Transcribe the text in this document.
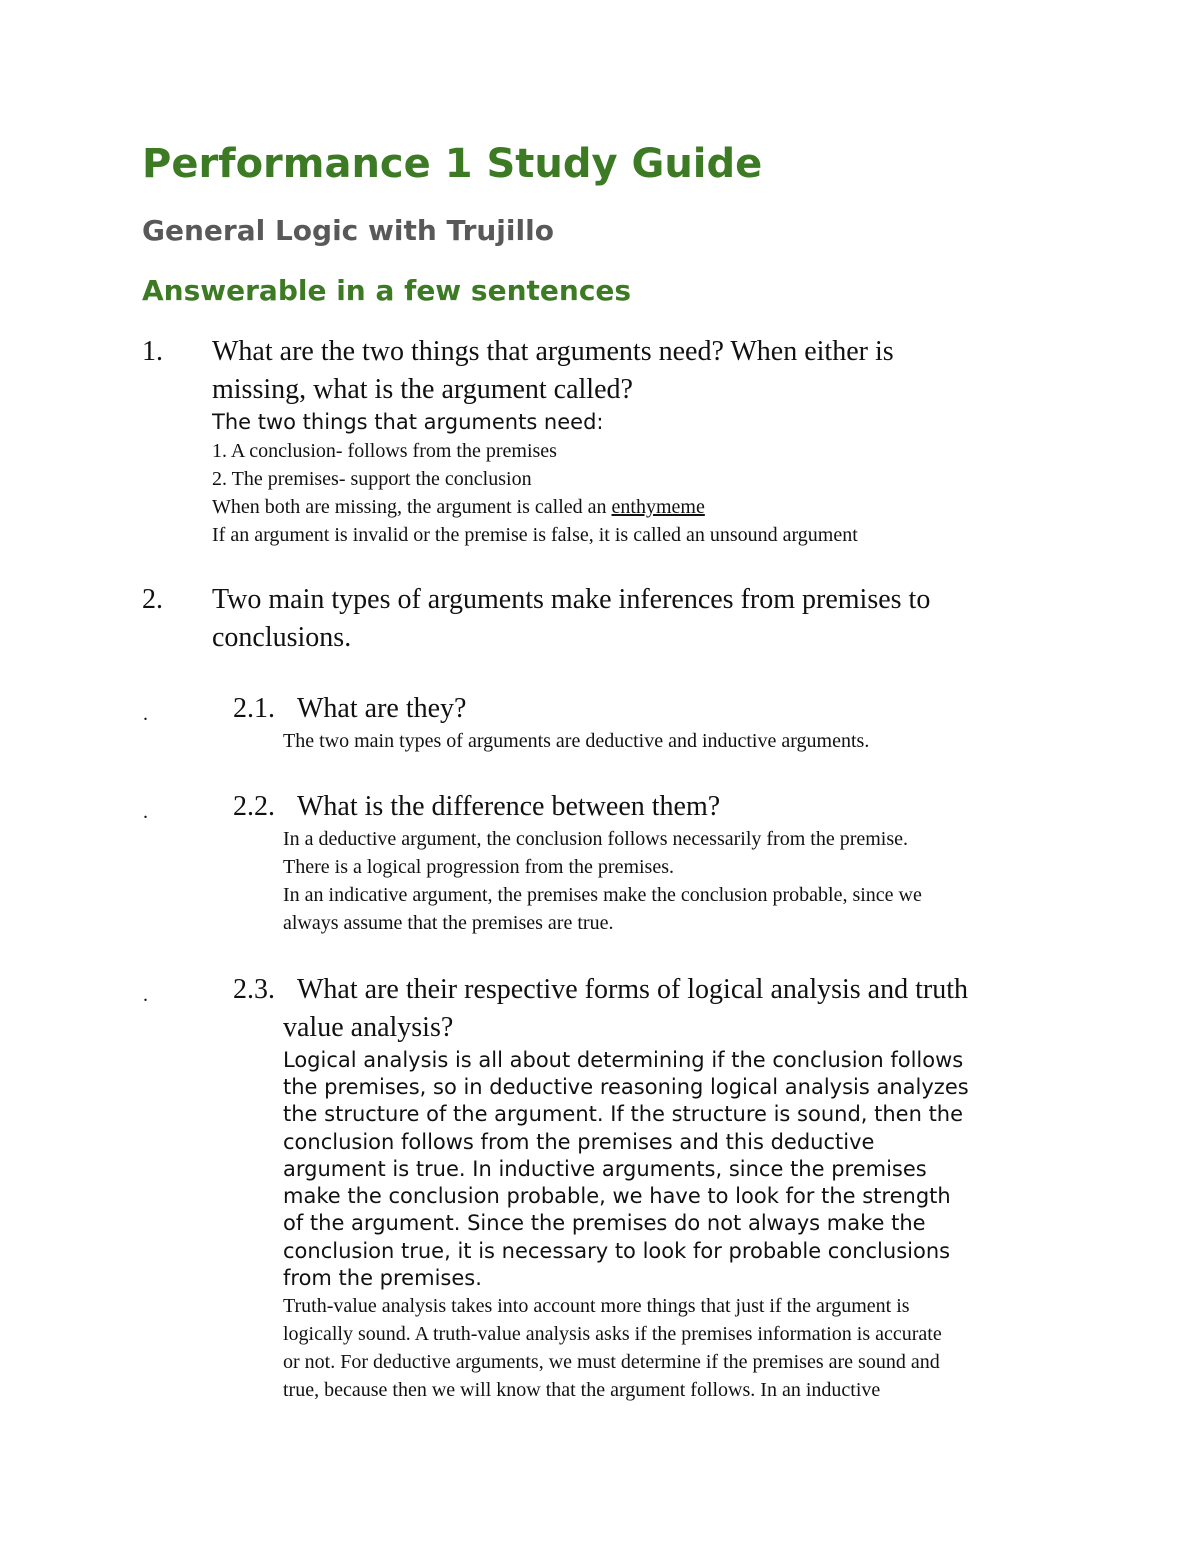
Performance 1 Study Guide
General Logic with Trujillo
Answerable in a few sentences
1. What are the two things that arguments need? When either is
missing, what is the argument called?
The two things that arguments need:
1. A conclusion- follows from the premises
2. The premises- support the conclusion
When both are missing, the argument is called an enthymeme
If an argument is invalid or the premise is false, it is called an unsound argument
2. Two main types of arguments make inferences from premises to
conclusions.
.	2.1. What are they?
The two main types of arguments are deductive and inductive arguments.
.	2.2. What is the difference between them?
In a deductive argument, the conclusion follows necessarily from the premise.
There is a logical progression from the premises.
In an indicative argument, the premises make the conclusion probable, since we
always assume that the premises are true.
.	2.3. What are their respective forms of logical analysis and truth
value analysis?
Logical analysis is all about determining if the conclusion follows
the premises, so in deductive reasoning logical analysis analyzes
the structure of the argument. If the structure is sound, then the
conclusion follows from the premises and this deductive
argument is true. In inductive arguments, since the premises
make the conclusion probable, we have to look for the strength
of the argument. Since the premises do not always make the
conclusion true, it is necessary to look for probable conclusions
from the premises.
Truth-value analysis takes into account more things that just if the argument is
logically sound. A truth-value analysis asks if the premises information is accurate
or not. For deductive arguments, we must determine if the premises are sound and
true, because then we will know that the argument follows. In an inductive
